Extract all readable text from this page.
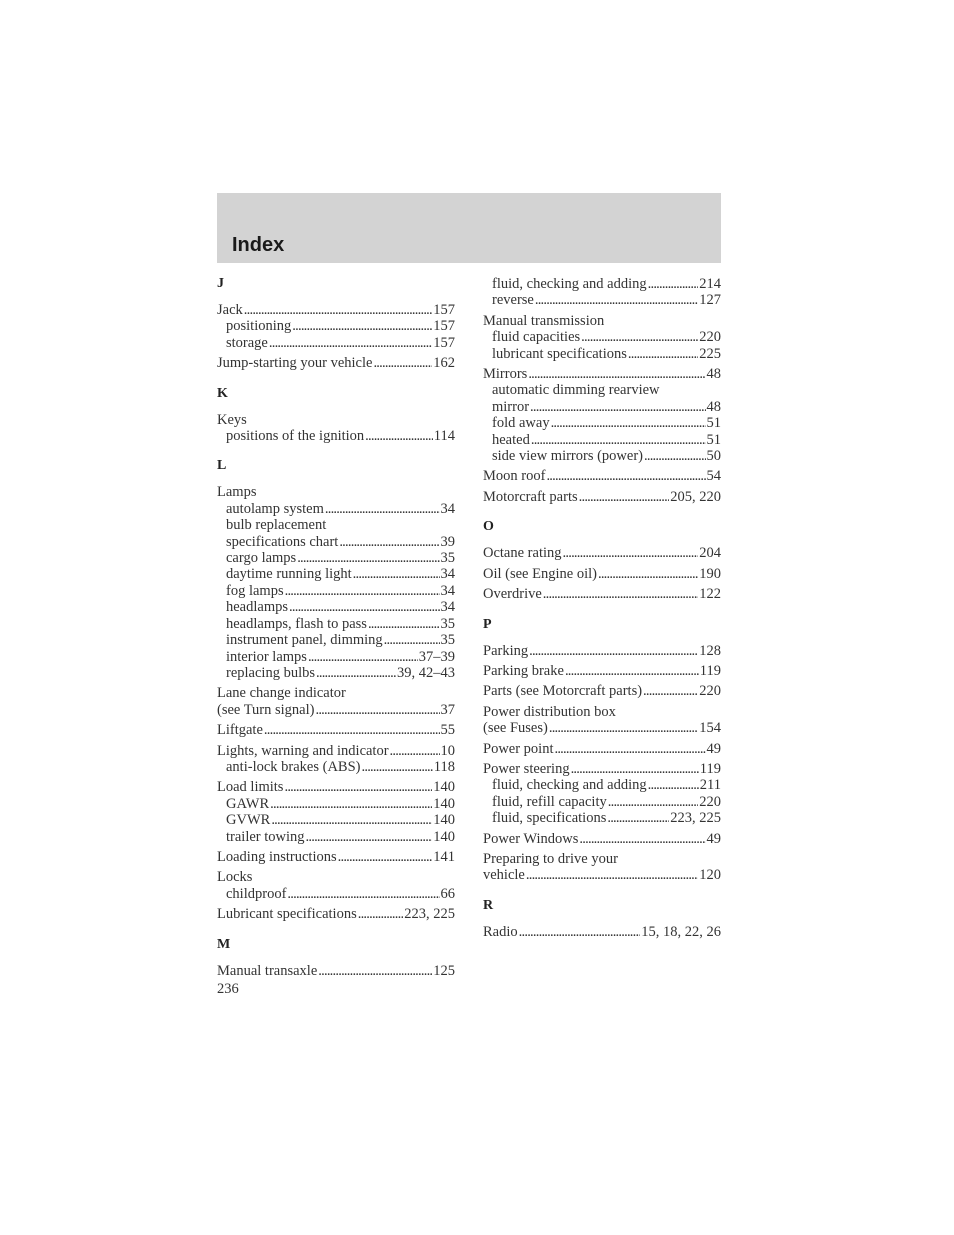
Index
J
Jack . . .	157
positioning . . .	157
storage . . .	157
Jump-starting your vehicle . . .	162
K
Keys
positions of the ignition . . .	114
L
Lamps
autolamp system . . .	34
bulb replacement
specifications chart . . .	39
cargo lamps . . .	35
daytime running light . . .	34
fog lamps . . .	34
headlamps . . .	34
headlamps, flash to pass . . .	35
instrument panel, dimming . . .	35
interior lamps . . .	37–39
replacing bulbs . . .	39, 42–43
Lane change indicator
(see Turn signal) . . .	37
Liftgate . . .	55
Lights, warning and indicator . . .	10
anti-lock brakes (ABS) . . .	118
Load limits . . .	140
GAWR . . .	140
GVWR . . .	140
trailer towing . . .	140
Loading instructions . . .	141
Locks
childproof . . .	66
Lubricant specifications . . .	223, 225
M
Manual transaxle . . .	125
fluid, checking and adding . . .	214
reverse . . .	127
Manual transmission
fluid capacities . . .	220
lubricant specifications . . .	225
Mirrors . . .	48
automatic dimming rearview
mirror . . .	48
fold away . . .	51
heated . . .	51
side view mirrors (power) . . .	50
Moon roof . . .	54
Motorcraft parts . . .	205, 220
O
Octane rating . . .	204
Oil (see Engine oil) . . .	190
Overdrive . . .	122
P
Parking . . .	128
Parking brake . . .	119
Parts (see Motorcraft parts) . . .	220
Power distribution box
(see Fuses) . . .	154
Power point . . .	49
Power steering . . .	119
fluid, checking and adding . . .	211
fluid, refill capacity . . .	220
fluid, specifications . . .	223, 225
Power Windows . . .	49
Preparing to drive your
vehicle . . .	120
R
Radio . . .	15, 18, 22, 26
236
